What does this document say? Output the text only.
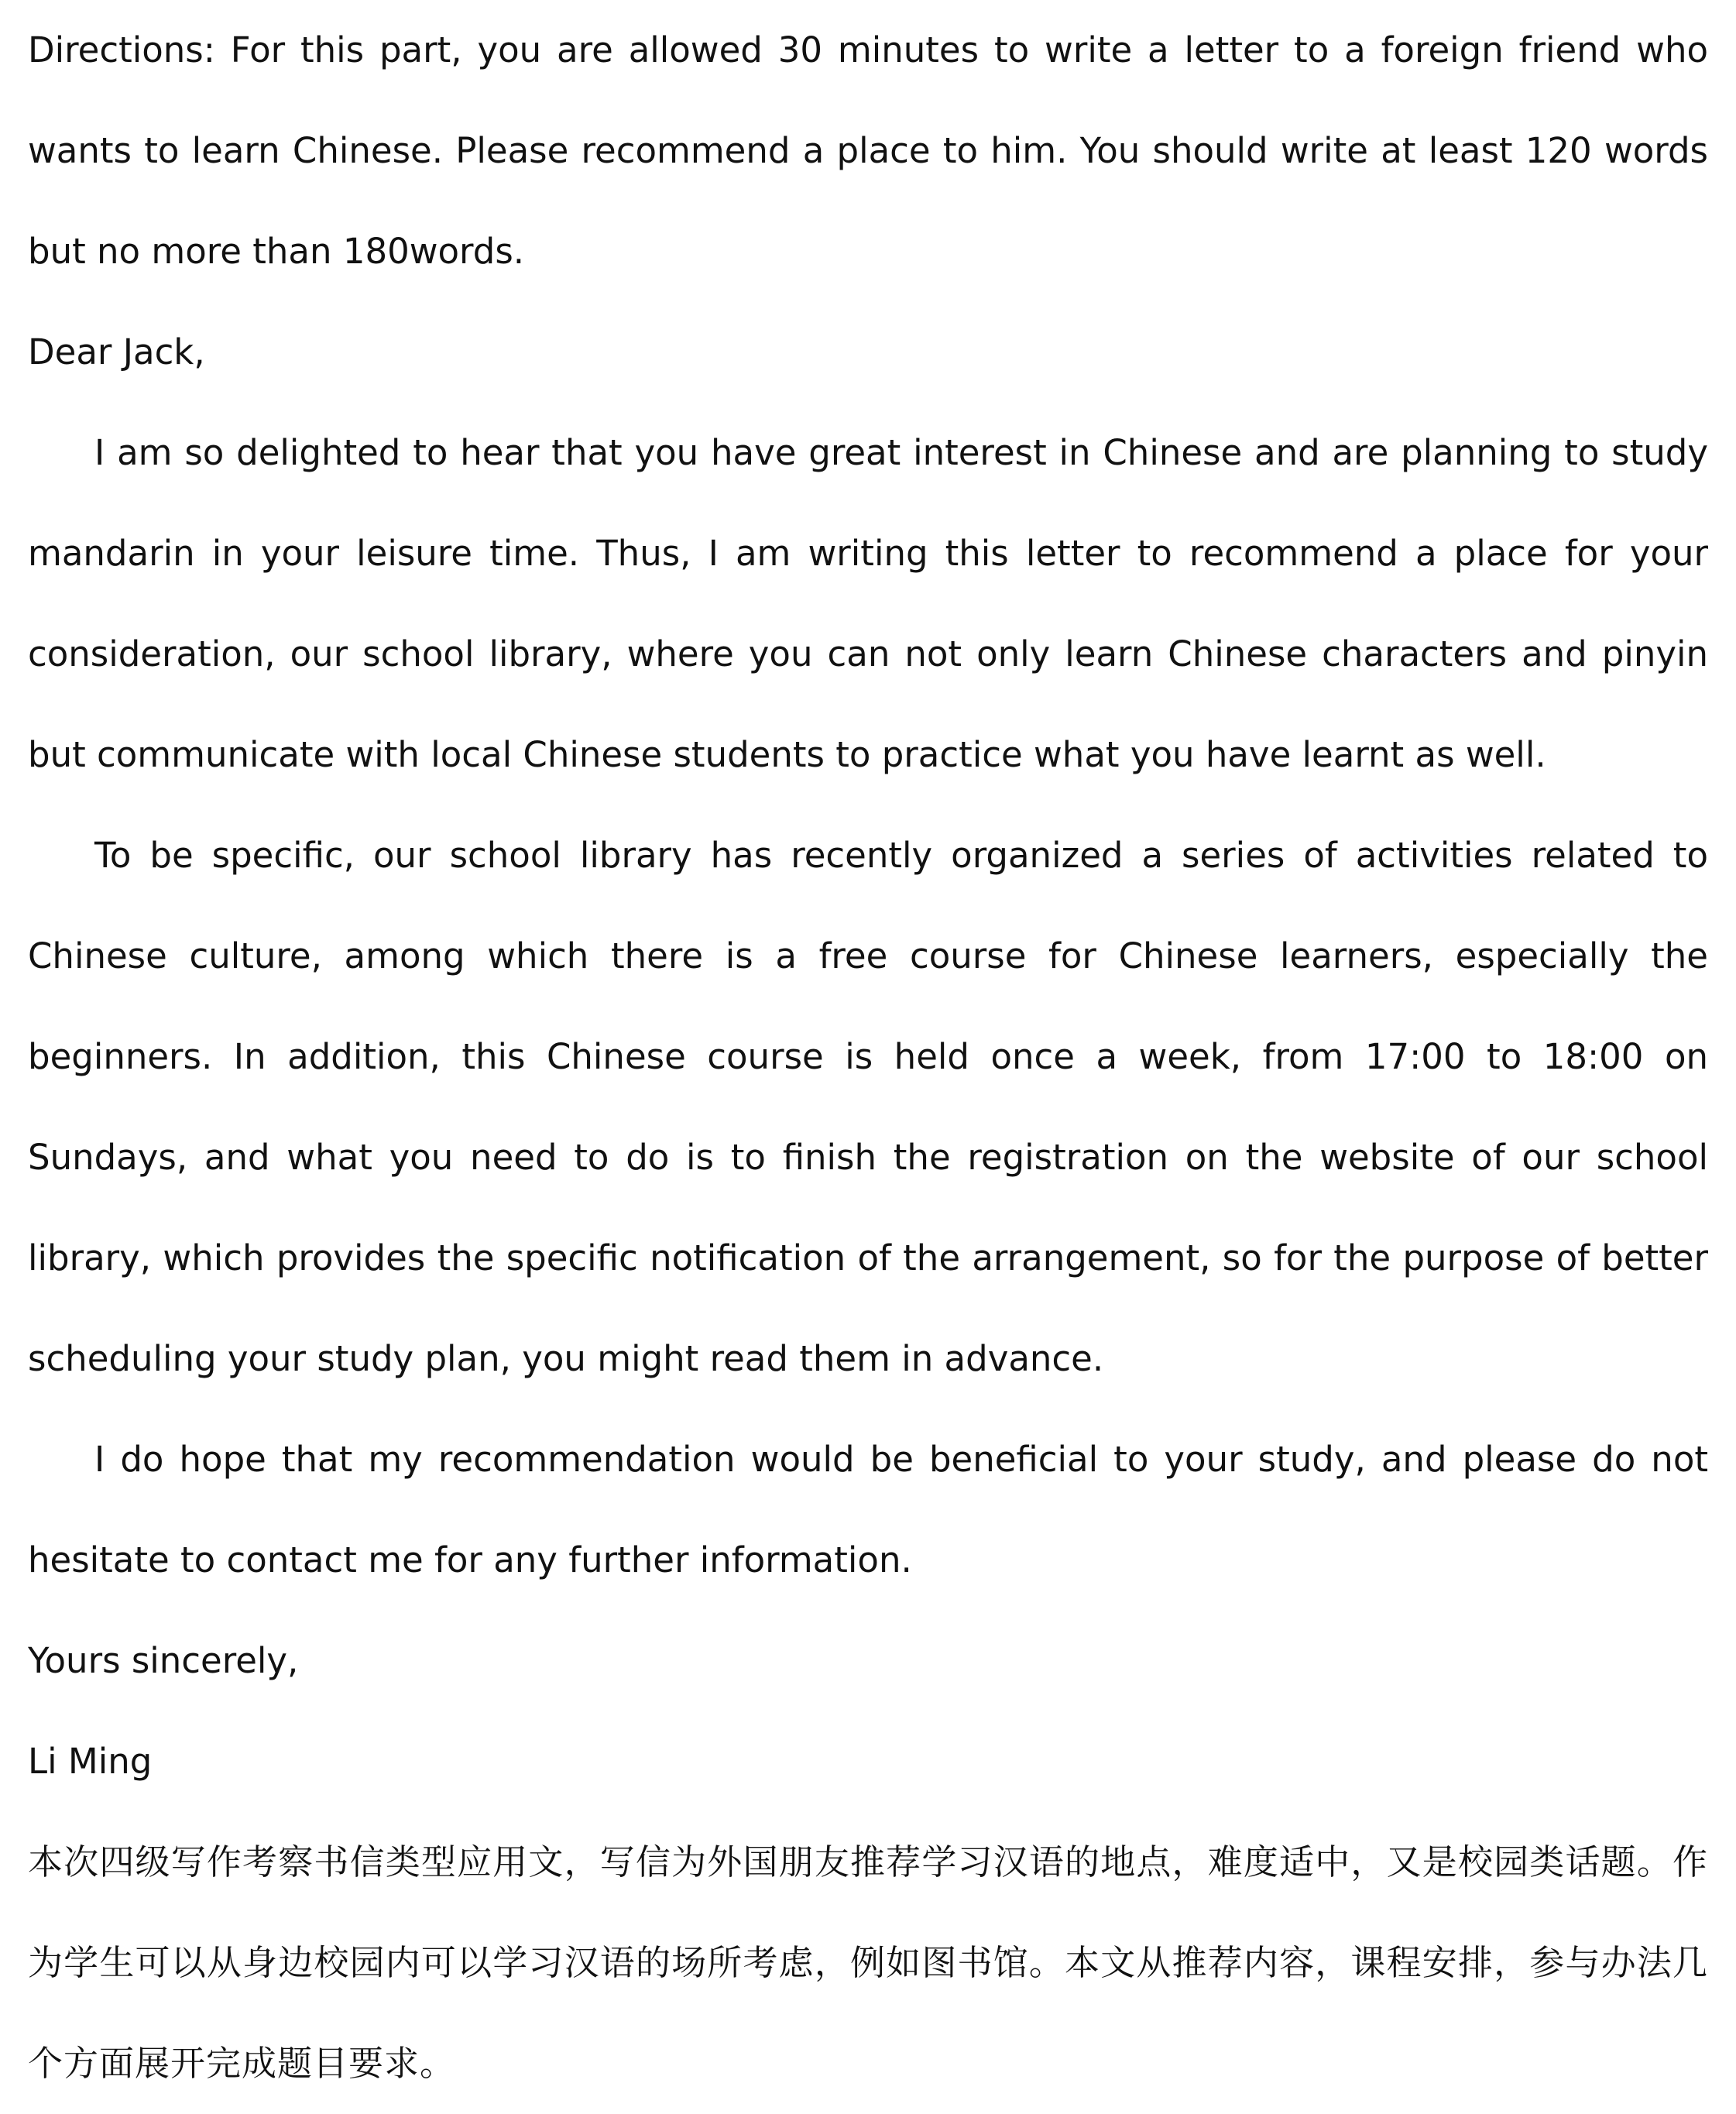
Directions: For this part, you are allowed 30 minutes to write a letter to a foreign friend who wants to learn Chinese. Please recommend a place to him. You should write at least 120 words but no more than 180words.

Dear Jack,

I am so delighted to hear that you have great interest in Chinese and are planning to study mandarin in your leisure time. Thus, I am writing this letter to recommend a place for your consideration, our school library, where you can not only learn Chinese characters and pinyin but communicate with local Chinese students to practice what you have learnt as well.

To be specific, our school library has recently organized a series of activities related to Chinese culture, among which there is a free course for Chinese learners, especially the beginners. In addition, this Chinese course is held once a week, from 17:00 to 18:00 on Sundays, and what you need to do is to finish the registration on the website of our school library, which provides the specific notification of the arrangement, so for the purpose of better scheduling your study plan, you might read them in advance.

I do hope that my recommendation would be beneficial to your study, and please do not hesitate to contact me for any further information.

Yours sincerely,

Li Ming

本次四级写作考察书信类型应用文，写信为外国朋友推荐学习汉语的地点，难度适中，又是校园类话题。作为学生可以从身边校园内可以学习汉语的场所考虑，例如图书馆。本文从推荐内容，课程安排，参与办法几个方面展开完成题目要求。
